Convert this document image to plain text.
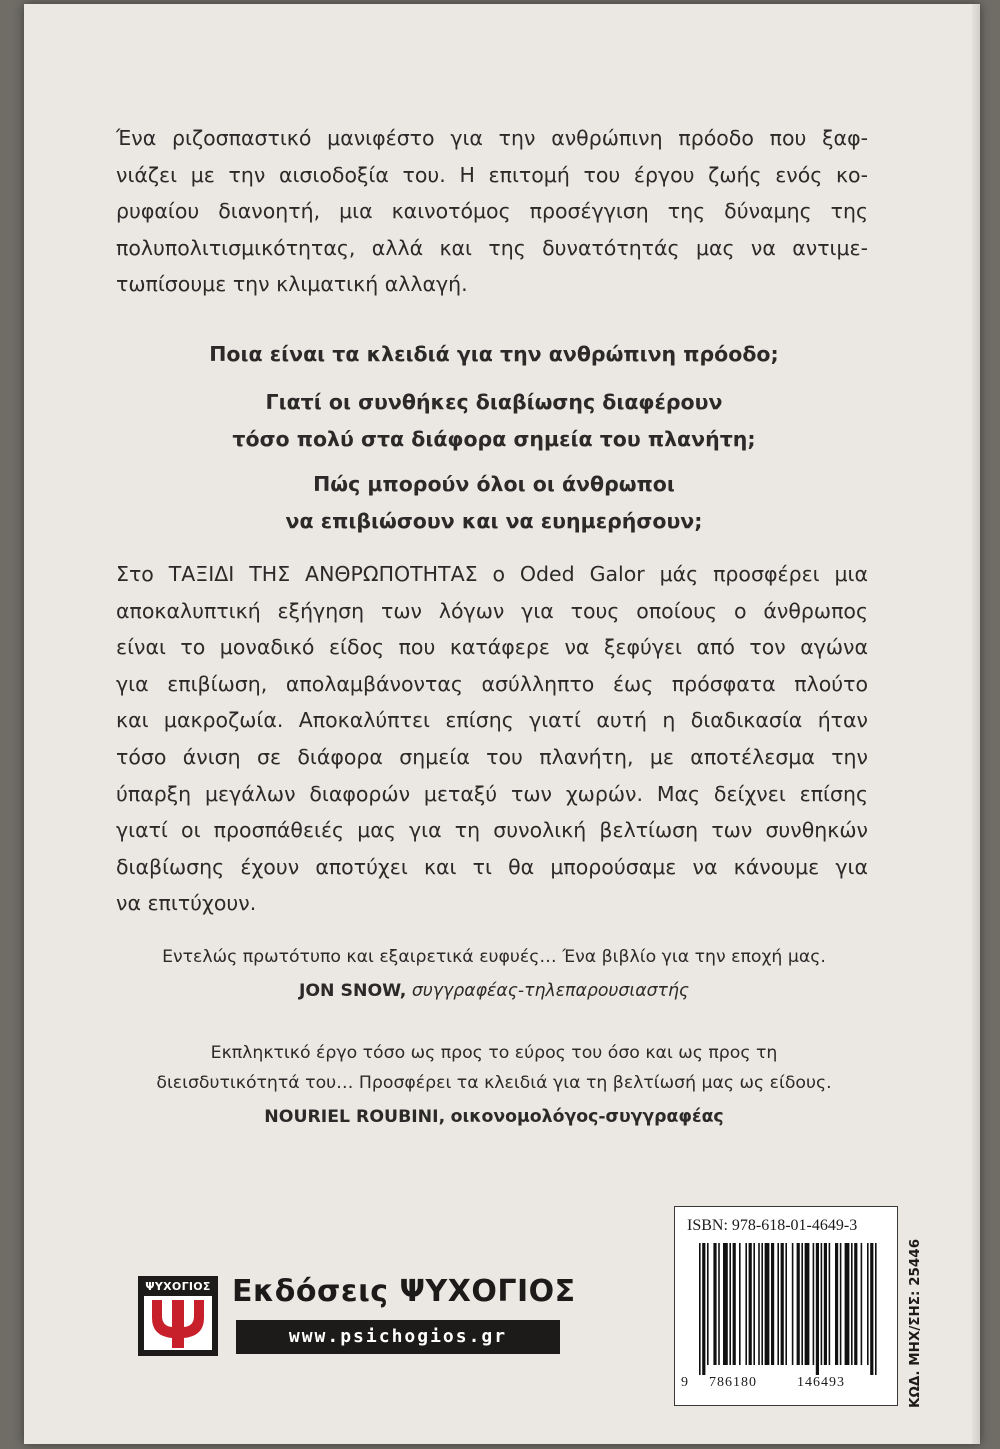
Ένα ριζοσπαστικό μανιφέστο για την ανθρώπινη πρόοδο που ξαφ-
νιάζει με την αισιοδοξία του. Η επιτομή του έργου ζωής ενός κο-
ρυφαίου διανοητή, μια καινοτόμος προσέγγιση της δύναμης της
πολυπολιτισμικότητας, αλλά και της δυνατότητάς μας να αντιμε-
τωπίσουμε την κλιματική αλλαγή.

Ποια είναι τα κλειδιά για την ανθρώπινη πρόοδο;

Γιατί οι συνθήκες διαβίωσης διαφέρουν
τόσο πολύ στα διάφορα σημεία του πλανήτη;

Πώς μπορούν όλοι οι άνθρωποι
να επιβιώσουν και να ευημερήσουν;

Στο ΤΑΞΙΔΙ ΤΗΣ ΑΝΘΡΩΠΟΤΗΤΑΣ ο Oded Galor μάς προσφέρει μια
αποκαλυπτική εξήγηση των λόγων για τους οποίους ο άνθρωπος
είναι το μοναδικό είδος που κατάφερε να ξεφύγει από τον αγώνα
για επιβίωση, απολαμβάνοντας ασύλληπτο έως πρόσφατα πλούτο
και μακροζωία. Αποκαλύπτει επίσης γιατί αυτή η διαδικασία ήταν
τόσο άνιση σε διάφορα σημεία του πλανήτη, με αποτέλεσμα την
ύπαρξη μεγάλων διαφορών μεταξύ των χωρών. Μας δείχνει επίσης
γιατί οι προσπάθειές μας για τη συνολική βελτίωση των συνθηκών
διαβίωσης έχουν αποτύχει και τι θα μπορούσαμε να κάνουμε για
να επιτύχουν.

Εντελώς πρωτότυπο και εξαιρετικά ευφυές… Ένα βιβλίο για την εποχή μας.

JON SNOW, συγγραφέας-τηλεπαρουσιαστής

Εκπληκτικό έργο τόσο ως προς το εύρος του όσο και ως προς τη
διεισδυτικότητά του… Προσφέρει τα κλειδιά για τη βελτίωσή μας ως είδους.

NOURIEL ROUBINI, οικονομολόγος-συγγραφέας

ΨΥΧΟΓΙΟΣ Εκδόσεις ΨΥΧΟΓΙΟΣ

www.psichogios.gr

ISBN: 978-618-01-4649-3

9 786180	146493	ΚΩΔ. ΜΗΧ/ΣΗΣ: 25446
